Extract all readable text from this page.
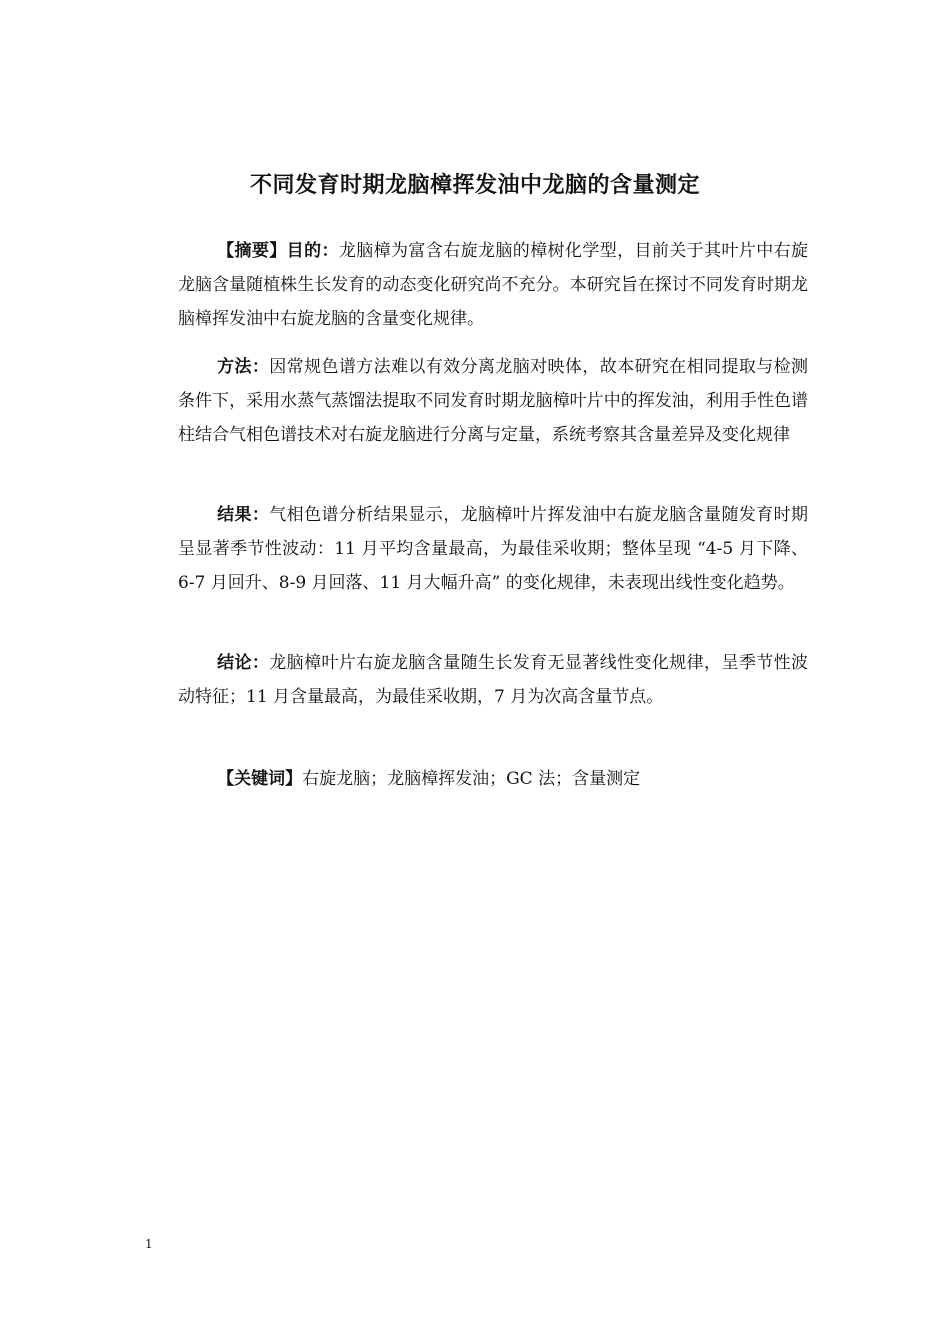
不同发育时期龙脑樟挥发油中龙脑的含量测定
【摘要】目的：龙脑樟为富含右旋龙脑的樟树化学型，目前关于其叶片中右旋龙脑含量随植株生长发育的动态变化研究尚不充分。本研究旨在探讨不同发育时期龙脑樟挥发油中右旋龙脑的含量变化规律。
方法：因常规色谱方法难以有效分离龙脑对映体，故本研究在相同提取与检测条件下，采用水蒸气蒸馏法提取不同发育时期龙脑樟叶片中的挥发油，利用手性色谱柱结合气相色谱技术对右旋龙脑进行分离与定量，系统考察其含量差异及变化规律
结果：气相色谱分析结果显示，龙脑樟叶片挥发油中右旋龙脑含量随发育时期呈显著季节性波动：11 月平均含量最高，为最佳采收期；整体呈现 “4-5 月下降、6-7 月回升、8-9 月回落、11 月大幅升高” 的变化规律，未表现出线性变化趋势。
结论：龙脑樟叶片右旋龙脑含量随生长发育无显著线性变化规律，呈季节性波动特征；11 月含量最高，为最佳采收期，7 月为次高含量节点。
【关键词】右旋龙脑；龙脑樟挥发油；GC 法；含量测定
1
